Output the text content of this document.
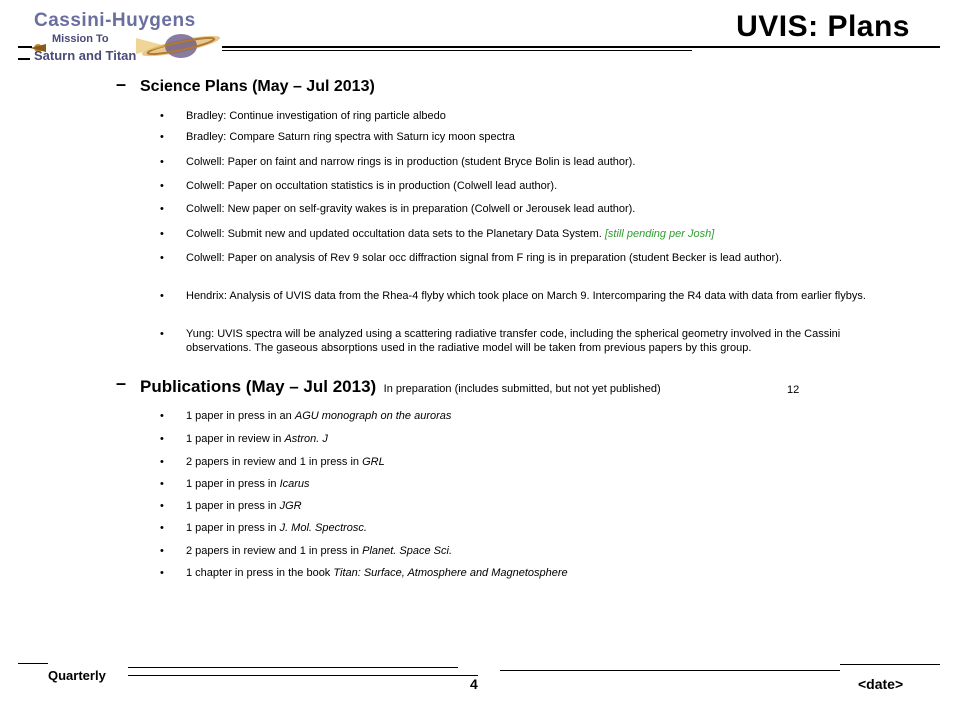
Cassini-Huygens
Mission To
Saturn and Titan
UVIS: Plans
– Science Plans (May – Jul 2013)
• Bradley: Continue investigation of ring particle albedo
• Bradley: Compare Saturn ring spectra with Saturn icy moon spectra
• Colwell: Paper on faint and narrow rings is in production (student Bryce Bolin is lead author).
• Colwell: Paper on occultation statistics is in production (Colwell lead author).
• Colwell: New paper on self-gravity wakes is in preparation (Colwell or Jerousek lead author).
• Colwell: Submit new and updated occultation data sets to the Planetary Data System. [still pending per Josh]
• Colwell: Paper on analysis of Rev 9 solar occ diffraction signal from F ring is in preparation (student Becker is lead author).
• Hendrix: Analysis of UVIS data from the Rhea-4 flyby which took place on March 9. Intercomparing the R4 data with data from earlier flybys.
• Yung: UVIS spectra will be analyzed using a scattering radiative transfer code, including the spherical geometry involved in the Cassini observations. The gaseous absorptions used in the radiative model will be taken from previous papers by this group.
– Publications (May – Jul 2013) In preparation (includes submitted, but not yet published)	12
• 1 paper in press in an AGU monograph on the auroras
• 1 paper in review in Astron. J
• 2 papers in review and 1 in press in GRL
• 1 paper in press in Icarus
• 1 paper in press in JGR
• 1 paper in press in J. Mol. Spectrosc.
• 2 papers in review and 1 in press in Planet. Space Sci.
• 1 chapter in press in the book Titan: Surface, Atmosphere and Magnetosphere
Quarterly
4	<date>
